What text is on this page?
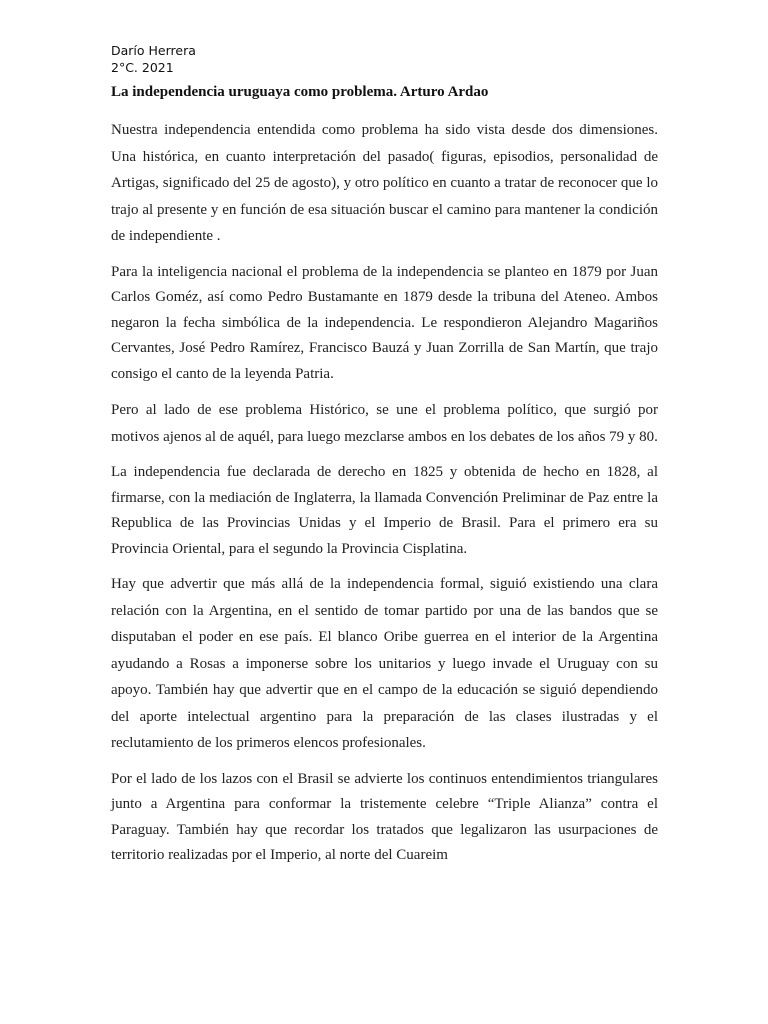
Darío Herrera
2°C. 2021
La independencia uruguaya como problema. Arturo Ardao

Nuestra independencia entendida como problema ha sido vista desde dos dimensiones. Una histórica, en cuanto interpretación del pasado( figuras, episodios, personalidad de Artigas, significado del 25 de agosto), y otro político en cuanto a tratar de reconocer que lo trajo al presente y en función de esa situación buscar el camino para mantener la condición de independiente .

Para la inteligencia nacional el problema de la independencia se planteo en 1879 por Juan Carlos Goméz, así como Pedro Bustamante en 1879 desde la tribuna del Ateneo. Ambos negaron la fecha simbólica de la independencia. Le respondieron Alejandro Magariños Cervantes, José Pedro Ramírez, Francisco Bauzá y Juan Zorrilla de San Martín, que trajo consigo el canto de la leyenda Patria.

Pero al lado de ese problema Histórico, se une el problema político, que surgió por motivos ajenos al de aquél, para luego mezclarse ambos en los debates de los años 79 y 80.

La independencia fue declarada de derecho en 1825 y obtenida de hecho en 1828, al firmarse, con la mediación de Inglaterra, la llamada Convención Preliminar de Paz entre la Republica de las Provincias Unidas y el Imperio de Brasil. Para el primero era su Provincia Oriental, para el segundo la Provincia Cisplatina.

Hay que advertir que más allá de la independencia formal, siguió existiendo una clara relación con la Argentina, en el sentido de tomar partido por una de las bandos que se disputaban el poder en ese país. El blanco Oribe guerrea en el interior de la Argentina ayudando a Rosas a imponerse sobre los unitarios y luego invade el Uruguay con su apoyo. También hay que advertir que en el campo de la educación se siguió dependiendo del aporte intelectual argentino para la preparación de las clases ilustradas y el reclutamiento de los primeros elencos profesionales.

Por el lado de los lazos con el Brasil se advierte los continuos entendimientos triangulares junto a Argentina para conformar la tristemente celebre “Triple Alianza” contra el Paraguay. También hay que recordar los tratados que legalizaron las usurpaciones de territorio realizadas por el Imperio, al norte del Cuareim
